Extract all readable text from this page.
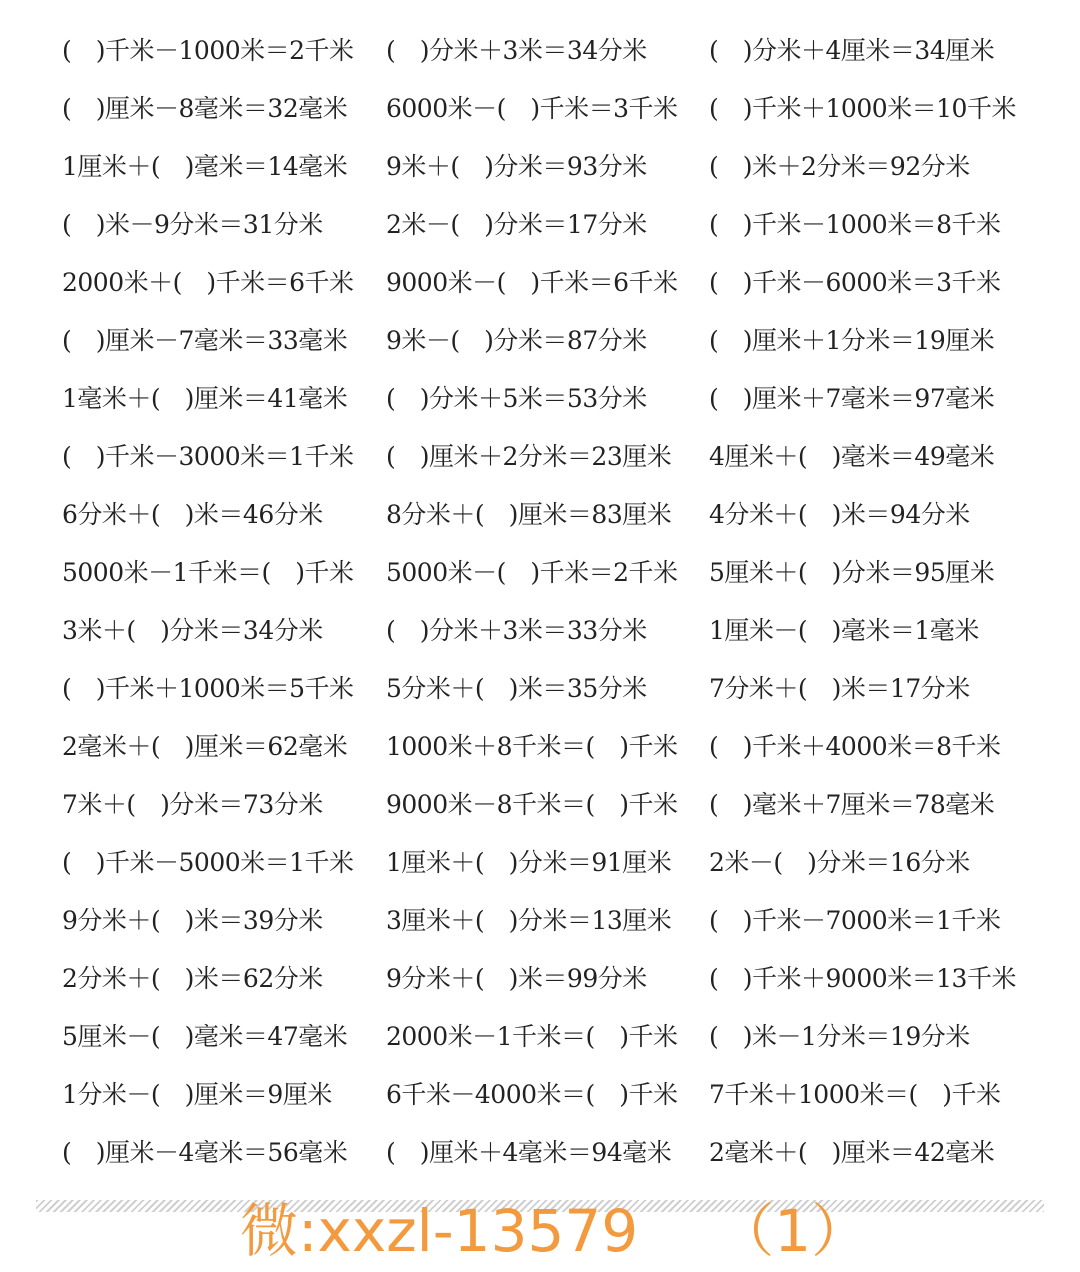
(　)千米－1000米＝2千米 (　)分米＋3米＝34分米 (　)分米＋4厘米＝34厘米
(　)厘米－8毫米＝32毫米 6000米－(　)千米＝3千米 (　)千米＋1000米＝10千米
1厘米＋(　)毫米＝14毫米 9米＋(　)分米＝93分米 (　)米＋2分米＝92分米
(　)米－9分米＝31分米	2米－(　)分米＝17分米 (　)千米－1000米＝8千米
2000米＋(　)千米＝6千米 9000米－(　)千米＝6千米 (　)千米－6000米＝3千米
(　)厘米－7毫米＝33毫米 9米－(　)分米＝87分米 (　)厘米＋1分米＝19厘米
1毫米＋(　)厘米＝41毫米 (　)分米＋5米＝53分米 (　)厘米＋7毫米＝97毫米
(　)千米－3000米＝1千米 (　)厘米＋2分米＝23厘米 4厘米＋(　)毫米＝49毫米
6分米＋(　)米＝46分米	8分米＋(　)厘米＝83厘米 4分米＋(　)米＝94分米
5000米－1千米＝(　)千米 5000米－(　)千米＝2千米 5厘米＋(　)分米＝95厘米
3米＋(　)分米＝34分米	(　)分米＋3米＝33分米 1厘米－(　)毫米＝1毫米
(　)千米＋1000米＝5千米 5分米＋(　)米＝35分米 7分米＋(　)米＝17分米
2毫米＋(　)厘米＝62毫米 1000米＋8千米＝(　)千米 (　)千米＋4000米＝8千米
7米＋(　)分米＝73分米	9000米－8千米＝(　)千米 (　)毫米＋7厘米＝78毫米
(　)千米－5000米＝1千米 1厘米＋(　)分米＝91厘米 2米－(　)分米＝16分米
9分米＋(　)米＝39分米	3厘米＋(　)分米＝13厘米 (　)千米－7000米＝1千米
2分米＋(　)米＝62分米	9分米＋(　)米＝99分米 (　)千米＋9000米＝13千米
5厘米－(　)毫米＝47毫米 2000米－1千米＝(　)千米 (　)米－1分米＝19分米
1分米－(　)厘米＝9厘米 6千米－4000米＝(　)千米 7千米＋1000米＝(　)千米
(　)厘米－4毫米＝56毫米 (　)厘米＋4毫米＝94毫米 2毫米＋(　)厘米＝42毫米
微:xxzl-13579 （1）
